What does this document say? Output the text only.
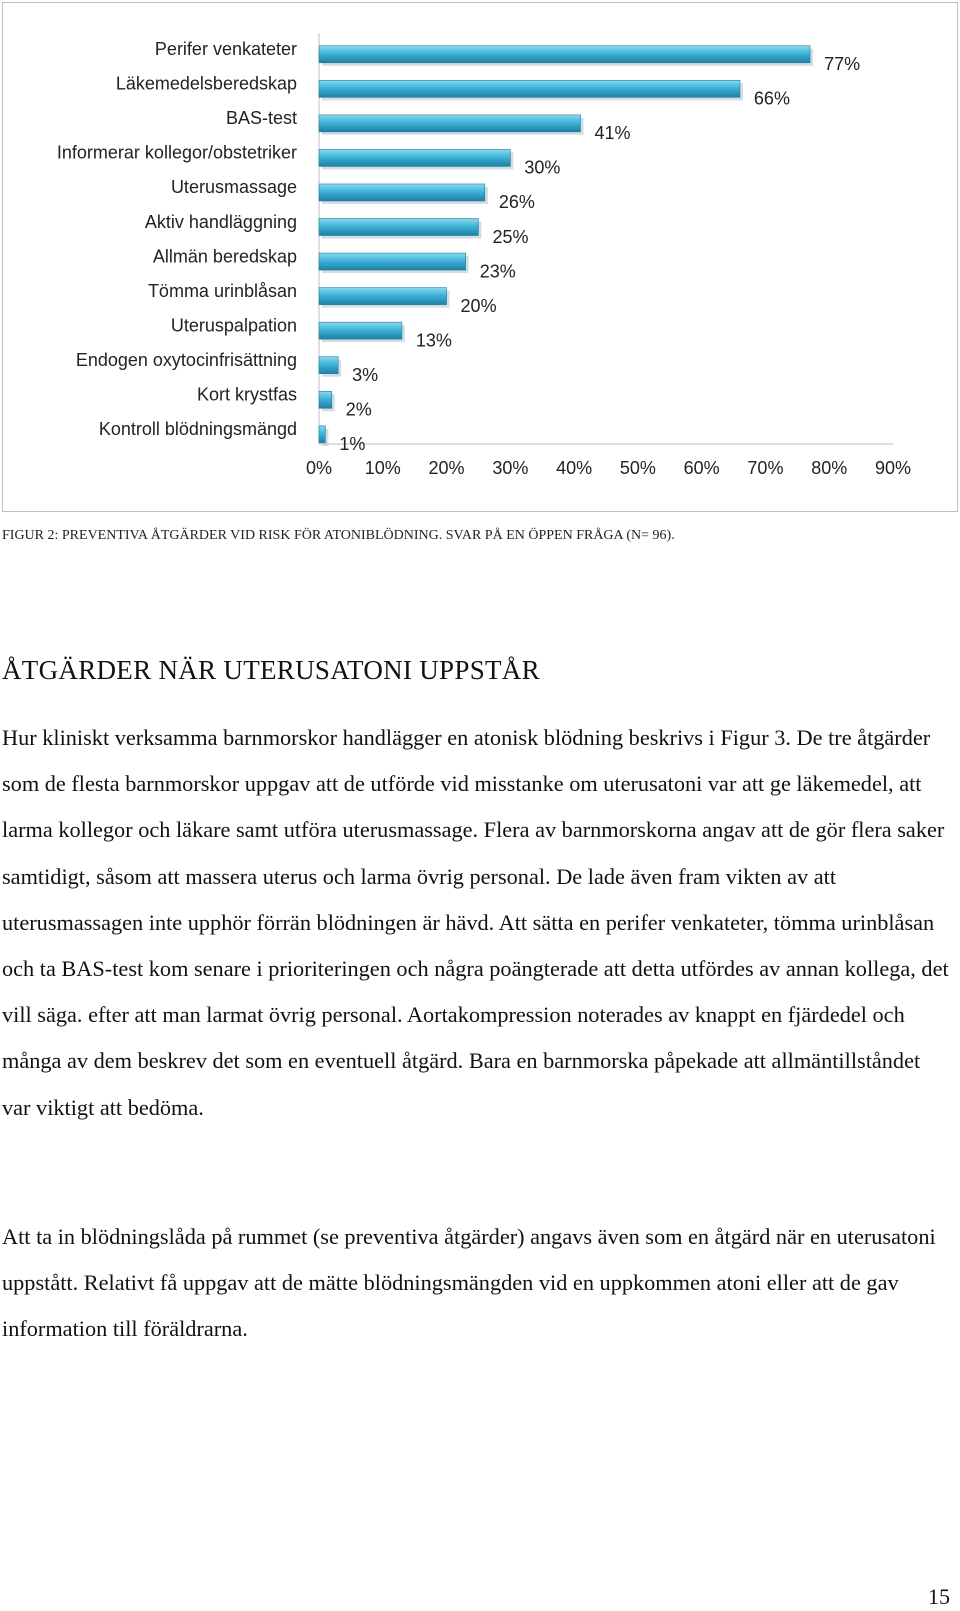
Perifer venkateter
77%
Läkemedelsberedskap
66%
BAS-test
41%
Informerar kollegor/obstetriker
30%
Uterusmassage
26%
Aktiv handläggning
25%
Allmän beredskap
23%
Tömma urinblåsan
20%
Uteruspalpation
13%
Endogen oxytocinfrisättning
3%
Kort krystfas
2%
Kontroll blödningsmängd
1%
0% 10% 20% 30% 40% 50% 60% 70% 80% 90%
FIGUR 2: PREVENTIVA ÅTGÄRDER VID RISK FÖR ATONIBLÖDNING. SVAR PÅ EN ÖPPEN FRÅGA (N= 96).
ÅTGÄRDER NÄR UTERUSATONI UPPSTÅR

Hur kliniskt verksamma barnmorskor handlägger en atonisk blödning beskrivs i Figur 3. De tre åtgärder som de flesta barnmorskor uppgav att de utförde vid misstanke om uterusatoni var att ge läkemedel, att larma kollegor och läkare samt utföra uterusmassage. Flera av barnmorskorna angav att de gör flera saker samtidigt, såsom att massera uterus och larma övrig personal. De lade även fram vikten av att uterusmassagen inte upphör förrän blödningen är hävd. Att sätta en perifer venkateter, tömma urinblåsan och ta BAS-test kom senare i prioriteringen och några poängterade att detta utfördes av annan kollega, det vill säga. efter att man larmat övrig personal. Aortakompression noterades av knappt en fjärdedel och många av dem beskrev det som en eventuell åtgärd. Bara en barnmorska påpekade att allmäntillståndet var viktigt att bedöma.

Att ta in blödningslåda på rummet (se preventiva åtgärder) angavs även som en åtgärd när en uterusatoni uppstått. Relativt få uppgav att de mätte blödningsmängden vid en uppkommen atoni eller att de gav information till föräldrarna.

15
